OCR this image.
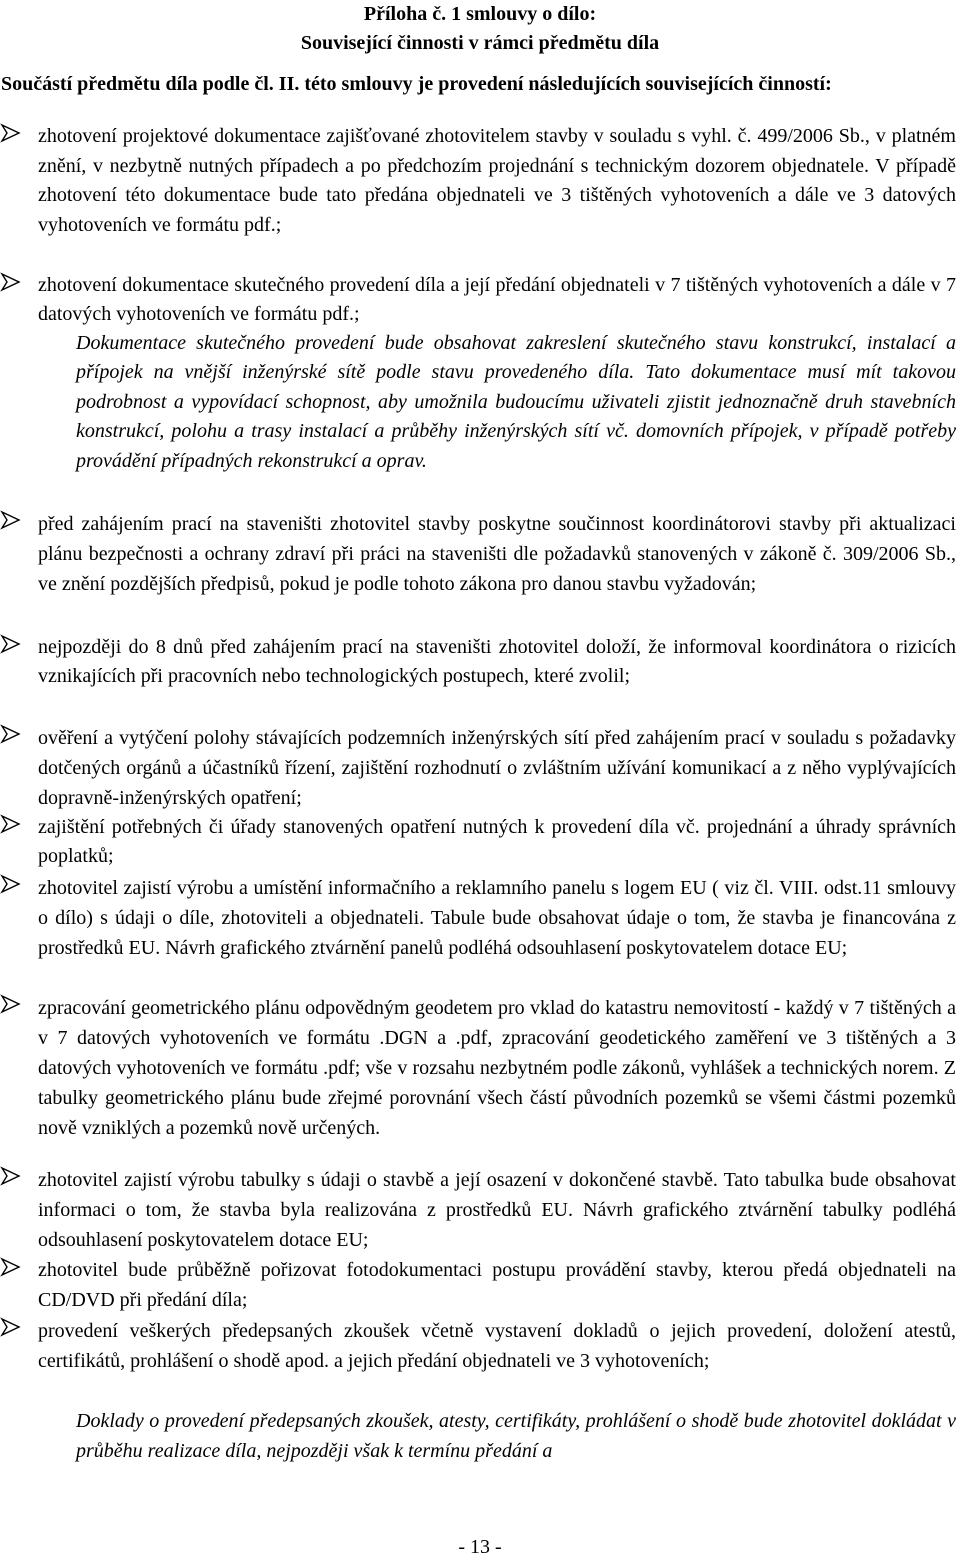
Příloha č. 1 smlouvy o dílo:
Související činnosti v rámci předmětu díla

Součástí předmětu díla podle čl. II. této smlouvy je provedení následujících souvisejících činností:

zhotovení projektové dokumentace zajišťované zhotovitelem stavby v souladu s vyhl. č. 499/2006 Sb., v platném znění, v nezbytně nutných případech a po předchozím projednání s technickým dozorem objednatele. V případě zhotovení této dokumentace bude tato předána objednateli ve 3 tištěných vyhotoveních a dále ve 3 datových vyhotoveních ve formátu pdf.;

zhotovení dokumentace skutečného provedení díla a její předání objednateli v 7 tištěných vyhotoveních a dále v 7 datových vyhotoveních ve formátu pdf.;

Dokumentace skutečného provedení bude obsahovat zakreslení skutečného stavu konstrukcí, instalací a přípojek na vnější inženýrské sítě podle stavu provedeného díla. Tato dokumentace musí mít takovou podrobnost a vypovídací schopnost, aby umožnila budoucímu uživateli zjistit jednoznačně druh stavebních konstrukcí, polohu a trasy instalací a průběhy inženýrských sítí vč. domovních přípojek, v případě potřeby provádění případných rekonstrukcí a oprav.

před zahájením prací na staveništi zhotovitel stavby poskytne součinnost koordinátorovi stavby při aktualizaci plánu bezpečnosti a ochrany zdraví při práci na staveništi dle požadavků stanovených v zákoně č. 309/2006 Sb., ve znění pozdějších předpisů, pokud je podle tohoto zákona pro danou stavbu vyžadován;

nejpozději do 8 dnů před zahájením prací na staveništi zhotovitel doloží, že informoval koordinátora o rizicích vznikajících při pracovních nebo technologických postupech, které zvolil;

ověření a vytýčení polohy stávajících podzemních inženýrských sítí před zahájením prací v souladu s požadavky dotčených orgánů a účastníků řízení, zajištění rozhodnutí o zvláštním užívání komunikací a z něho vyplývajících dopravně-inženýrských opatření;

zajištění potřebných či úřady stanovených opatření nutných k provedení díla vč. projednání a úhrady správních poplatků;

zhotovitel zajistí výrobu a umístění informačního a reklamního panelu s logem EU ( viz čl. VIII. odst.11 smlouvy o dílo) s údaji o díle, zhotoviteli a objednateli. Tabule bude obsahovat údaje o tom, že stavba je financována z prostředků EU. Návrh grafického ztvárnění panelů podléhá odsouhlasení poskytovatelem dotace EU;

zpracování geometrického plánu odpovědným geodetem pro vklad do katastru nemovitostí - každý v 7 tištěných a v 7 datových vyhotoveních ve formátu .DGN a .pdf, zpracování geodetického zaměření ve 3 tištěných a 3 datových vyhotoveních ve formátu .pdf; vše v rozsahu nezbytném podle zákonů, vyhlášek a technických norem. Z tabulky geometrického plánu bude zřejmé porovnání všech částí původních pozemků se všemi částmi pozemků nově vzniklých a pozemků nově určených.

zhotovitel zajistí výrobu tabulky s údaji o stavbě a její osazení v dokončené stavbě. Tato tabulka bude obsahovat informaci o tom, že stavba byla realizována z prostředků EU. Návrh grafického ztvárnění tabulky podléhá odsouhlasení poskytovatelem dotace EU;

zhotovitel bude průběžně pořizovat fotodokumentaci postupu provádění stavby, kterou předá objednateli na CD/DVD při předání díla;

provedení veškerých předepsaných zkoušek včetně vystavení dokladů o jejich provedení, doložení atestů, certifikátů, prohlášení o shodě apod. a jejich předání objednateli ve 3 vyhotoveních;

Doklady o provedení předepsaných zkoušek, atesty, certifikáty, prohlášení o shodě bude zhotovitel dokládat v průběhu realizace díla, nejpozději však k termínu předání a

- 13 -
